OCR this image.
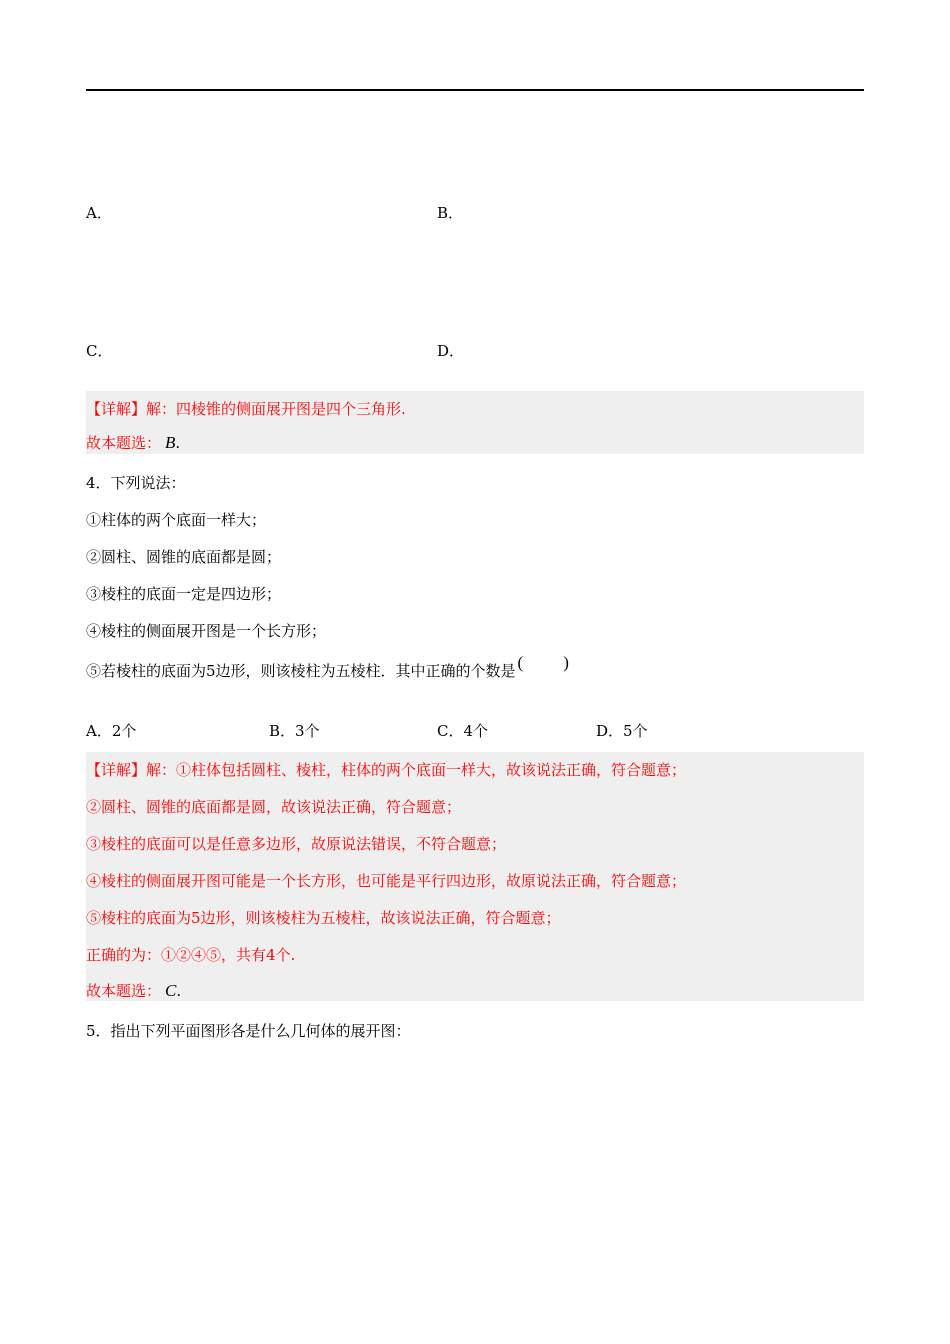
A．	B．
C．	D．
【详解】解：四棱锥的侧面展开图是四个三角形.
故本题选： B.
4．下列说法：
①柱体的两个底面一样大；
②圆柱、圆锥的底面都是圆；
③棱柱的底面一定是四边形；
④棱柱的侧面展开图是一个长方形；
⑤若棱柱的底面为5边形，则该棱柱为五棱柱．其中正确的个数是 ( )
A．2个	B．3个	C．4个	D．5个
【详解】解：①柱体包括圆柱、棱柱，柱体的两个底面一样大，故该说法正确，符合题意；
②圆柱、圆锥的底面都是圆，故该说法正确，符合题意；
③棱柱的底面可以是任意多边形，故原说法错误，不符合题意；
④棱柱的侧面展开图可能是一个长方形，也可能是平行四边形，故原说法正确，符合题意；
⑤棱柱的底面为5边形，则该棱柱为五棱柱，故该说法正确，符合题意；
正确的为：①②④⑤，共有4个.
故本题选： C.
5．指出下列平面图形各是什么几何体的展开图：
